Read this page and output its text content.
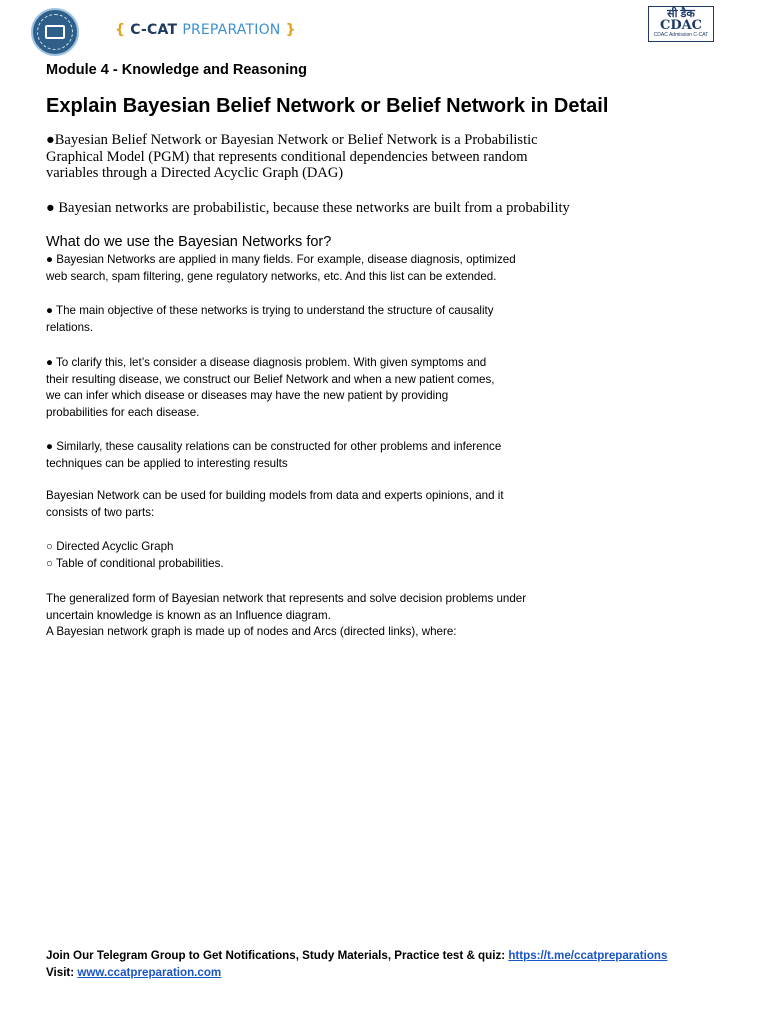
{ C-CAT PREPARATION }
सी डैक
CDAC
CDAC Admission C-CAT
Module 4 - Knowledge and Reasoning
Explain Bayesian Belief Network or Belief Network in Detail
●Bayesian Belief Network or Bayesian Network or Belief Network is a Probabilistic
Graphical Model (PGM) that represents conditional dependencies between random
variables through a Directed Acyclic Graph (DAG)
● Bayesian networks are probabilistic, because these networks are built from a probability
What do we use the Bayesian Networks for?
● Bayesian Networks are applied in many fields. For example, disease diagnosis, optimized
web search, spam filtering, gene regulatory networks, etc. And this list can be extended.
● The main objective of these networks is trying to understand the structure of causality
relations.
● To clarify this, let’s consider a disease diagnosis problem. With given symptoms and
their resulting disease, we construct our Belief Network and when a new patient comes,
we can infer which disease or diseases may have the new patient by providing
probabilities for each disease.
● Similarly, these causality relations can be constructed for other problems and inference
techniques can be applied to interesting results
Bayesian Network can be used for building models from data and experts opinions, and it
consists of two parts:
○ Directed Acyclic Graph
○ Table of conditional probabilities.
The generalized form of Bayesian network that represents and solve decision problems under
uncertain knowledge is known as an Influence diagram.
A Bayesian network graph is made up of nodes and Arcs (directed links), where:
Join Our Telegram Group to Get Notifications, Study Materials, Practice test & quiz: https://t.me/ccatpreparations
Visit: www.ccatpreparation.com
